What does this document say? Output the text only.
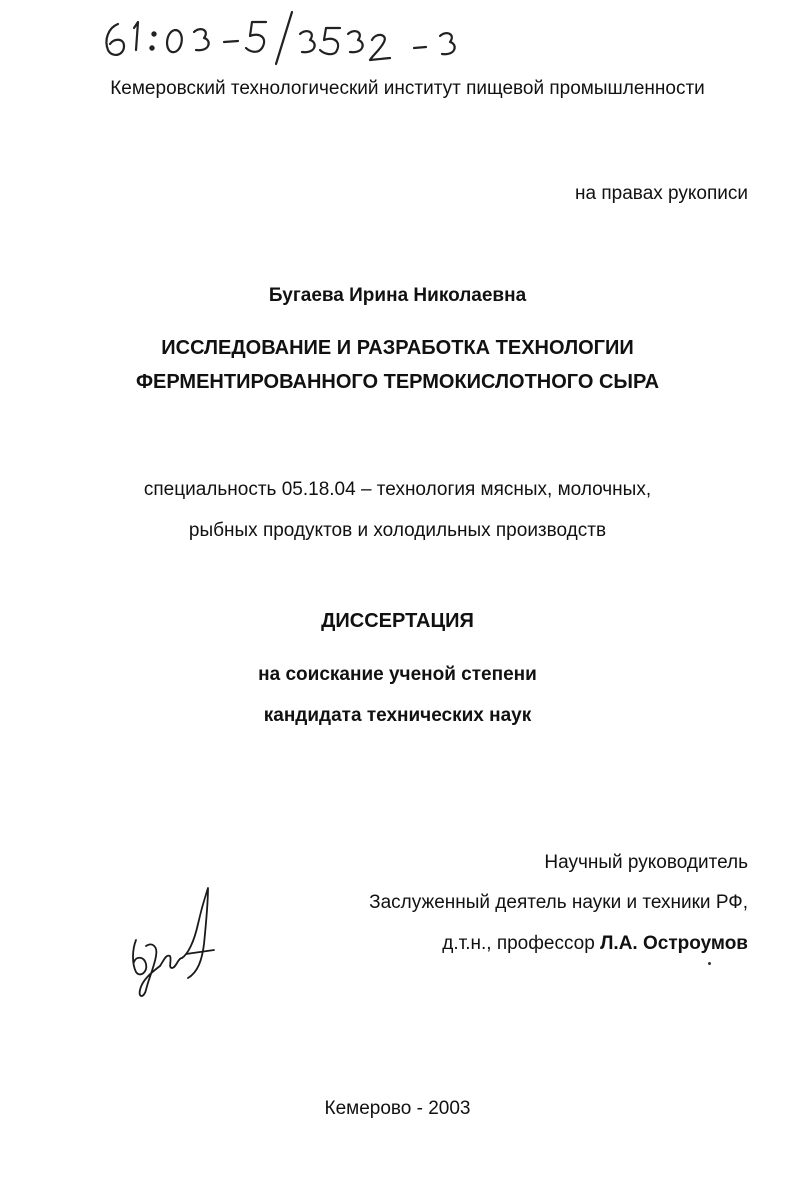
Кемеровский технологический институт пищевой промышленности
на правах рукописи
Бугаева Ирина Николаевна
ИССЛЕДОВАНИЕ И РАЗРАБОТКА ТЕХНОЛОГИИ
ФЕРМЕНТИРОВАННОГО ТЕРМОКИСЛОТНОГО СЫРА
специальность 05.18.04 – технология мясных, молочных,
рыбных продуктов и холодильных производств
ДИССЕРТАЦИЯ
на соискание ученой степени
кандидата технических наук
Научный руководитель
Заслуженный деятель науки и техники РФ,
д.т.н., профессор Л.А. Остроумов
Кемерово - 2003
